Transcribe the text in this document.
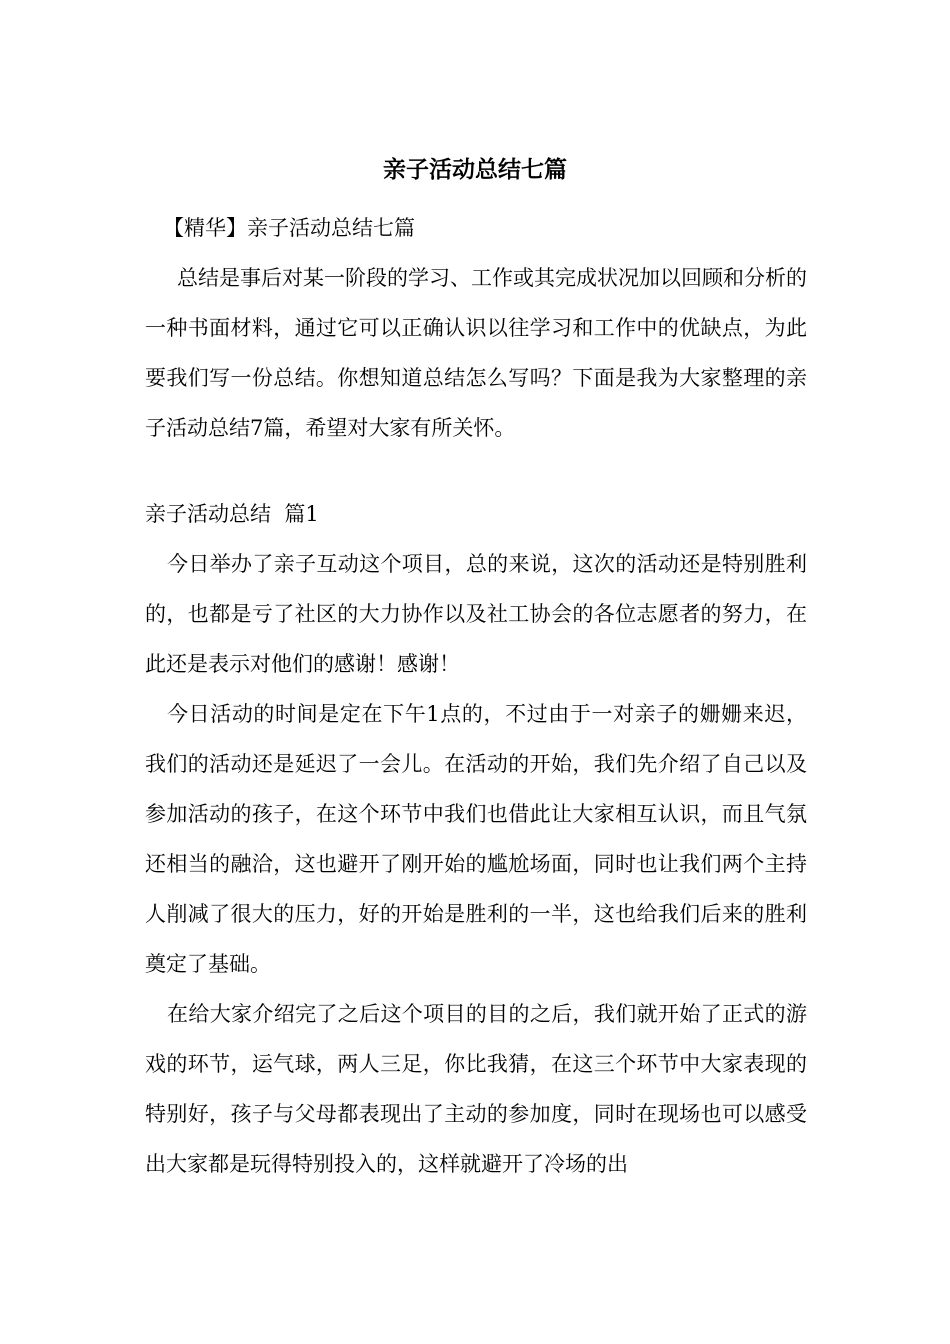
亲子活动总结七篇

【精华】亲子活动总结七篇

总结是事后对某一阶段的学习、工作或其完成状况加以回顾和分析的一种书面材料，通过它可以正确认识以往学习和工作中的优缺点，为此要我们写一份总结。你想知道总结怎么写吗？下面是我为大家整理的亲子活动总结7篇，希望对大家有所关怀。

亲子活动总结  篇1

今日举办了亲子互动这个项目，总的来说，这次的活动还是特别胜利的，也都是亏了社区的大力协作以及社工协会的各位志愿者的努力，在此还是表示对他们的感谢！感谢！

今日活动的时间是定在下午1点的，不过由于一对亲子的姗姗来迟，我们的活动还是延迟了一会儿。在活动的开始，我们先介绍了自己以及参加活动的孩子，在这个环节中我们也借此让大家相互认识，而且气氛还相当的融洽，这也避开了刚开始的尴尬场面，同时也让我们两个主持人削减了很大的压力，好的开始是胜利的一半，这也给我们后来的胜利奠定了基础。

在给大家介绍完了之后这个项目的目的之后，我们就开始了正式的游戏的环节，运气球，两人三足，你比我猜，在这三个环节中大家表现的特别好，孩子与父母都表现出了主动的参加度，同时在现场也可以感受出大家都是玩得特别投入的，这样就避开了冷场的出
